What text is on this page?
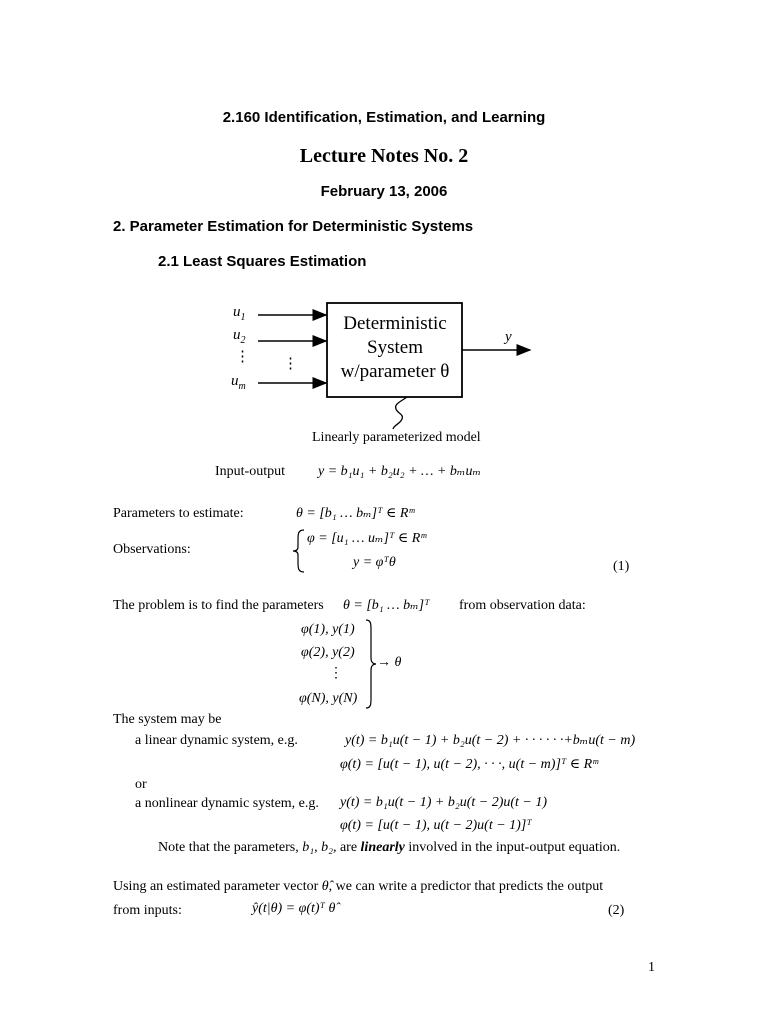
2.160 Identification, Estimation, and Learning
Lecture Notes No. 2
February 13, 2006
2. Parameter Estimation for Deterministic Systems
2.1 Least Squares Estimation
$u_1$
$u_2$
⋮ ⋮
$u_m$
Deterministic
System
w/parameter θ
y
Linearly parameterized model
Input-output y = b₁u₁ + b₂u₂ + … + bₘuₘ
Parameters to estimate:	θ = [b₁ … bₘ]ᵀ ∈ Rᵐ
Observations:
φ = [u₁ … uₘ]ᵀ ∈ Rᵐ
y = φᵀθ	(1)
The problem is to find the parameters θ = [b₁ … bₘ]ᵀ from observation data:
φ(1), y(1)
φ(2), y(2)
⋮
φ(N), y(N)
→ θ
The system may be
a linear dynamic system, e.g.	y(t) = b₁u(t − 1) + b₂u(t − 2) + · · · · · ·+bₘu(t − m)
φ(t) = [u(t − 1), u(t − 2), · · ·, u(t − m)]ᵀ ∈ Rᵐ
or
a nonlinear dynamic system, e.g. y(t) = b₁u(t − 1) + b₂u(t − 2)u(t − 1)
φ(t) = [u(t − 1), u(t − 2)u(t − 1)]ᵀ
Note that the parameters, b₁, b₂, are linearly involved in the input-output equation.
Using an estimated parameter vector θ̂, we can write a predictor that predicts the output
from inputs:	ŷ(t|θ) = φ(t)ᵀ θ̂	(2)
1
